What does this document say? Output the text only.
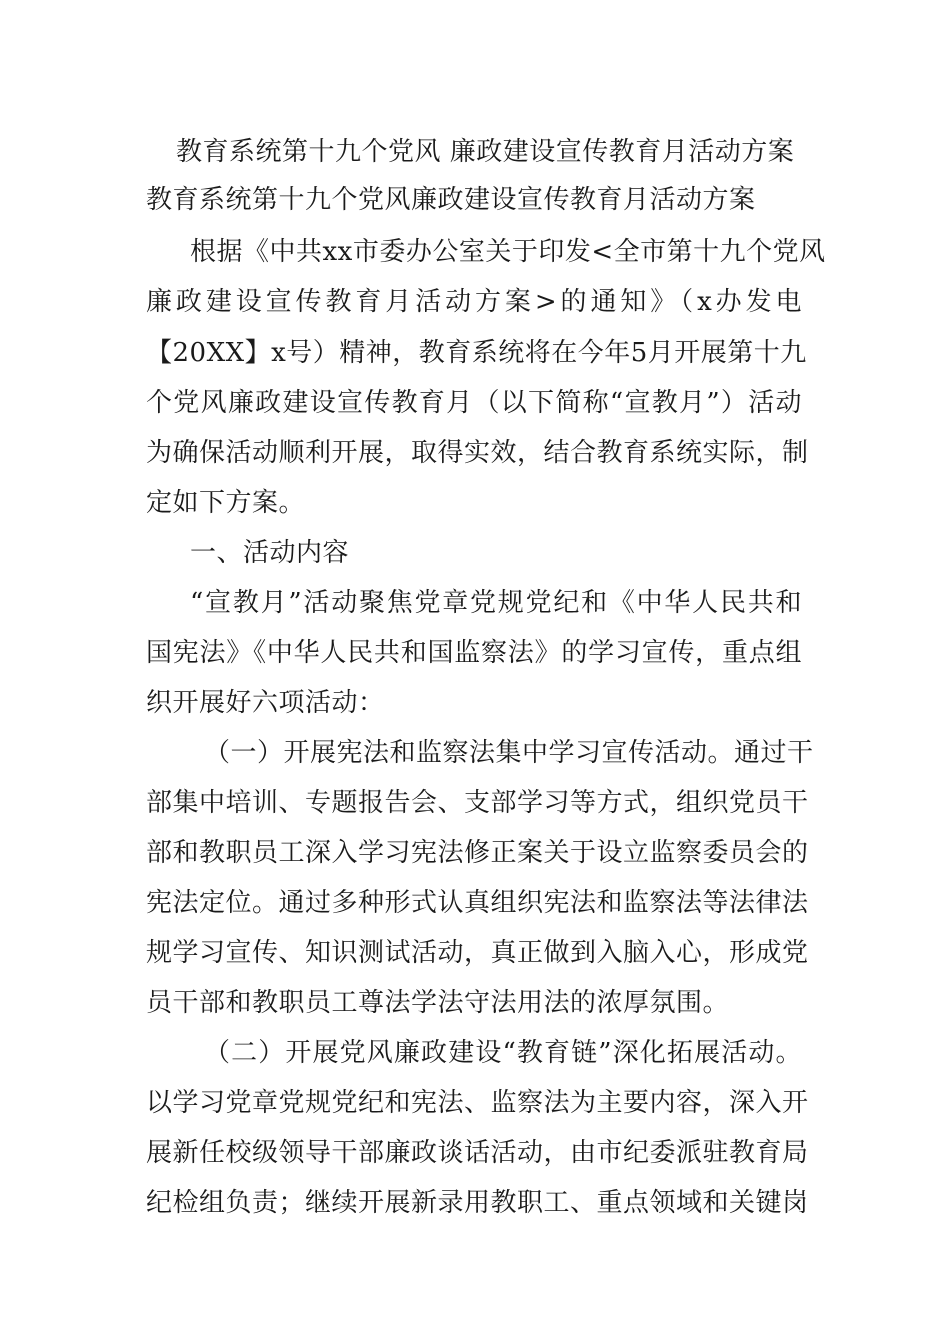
教育系统第十九个党风 廉政建设宣传教育月活动方案
教育系统第十九个党风廉政建设宣传教育月活动方案
根据《中共xx市委办公室关于印发<全市第十九个党风
廉政建设宣传教育月活动方案>的通知》（x办发电
【20XX】x号）精神，教育系统将在今年5月开展第十九
个党风廉政建设宣传教育月（以下简称“宣教月”）活动
为确保活动顺利开展，取得实效，结合教育系统实际，制
定如下方案。
一、活动内容
“宣教月”活动聚焦党章党规党纪和《中华人民共和
国宪法》《中华人民共和国监察法》的学习宣传，重点组
织开展好六项活动：
（一）开展宪法和监察法集中学习宣传活动。通过干
部集中培训、专题报告会、支部学习等方式，组织党员干
部和教职员工深入学习宪法修正案关于设立监察委员会的
宪法定位。通过多种形式认真组织宪法和监察法等法律法
规学习宣传、知识测试活动，真正做到入脑入心，形成党
员干部和教职员工尊法学法守法用法的浓厚氛围。
（二）开展党风廉政建设“教育链”深化拓展活动。
以学习党章党规党纪和宪法、监察法为主要内容，深入开
展新任校级领导干部廉政谈话活动，由市纪委派驻教育局
纪检组负责；继续开展新录用教职工、重点领域和关键岗
